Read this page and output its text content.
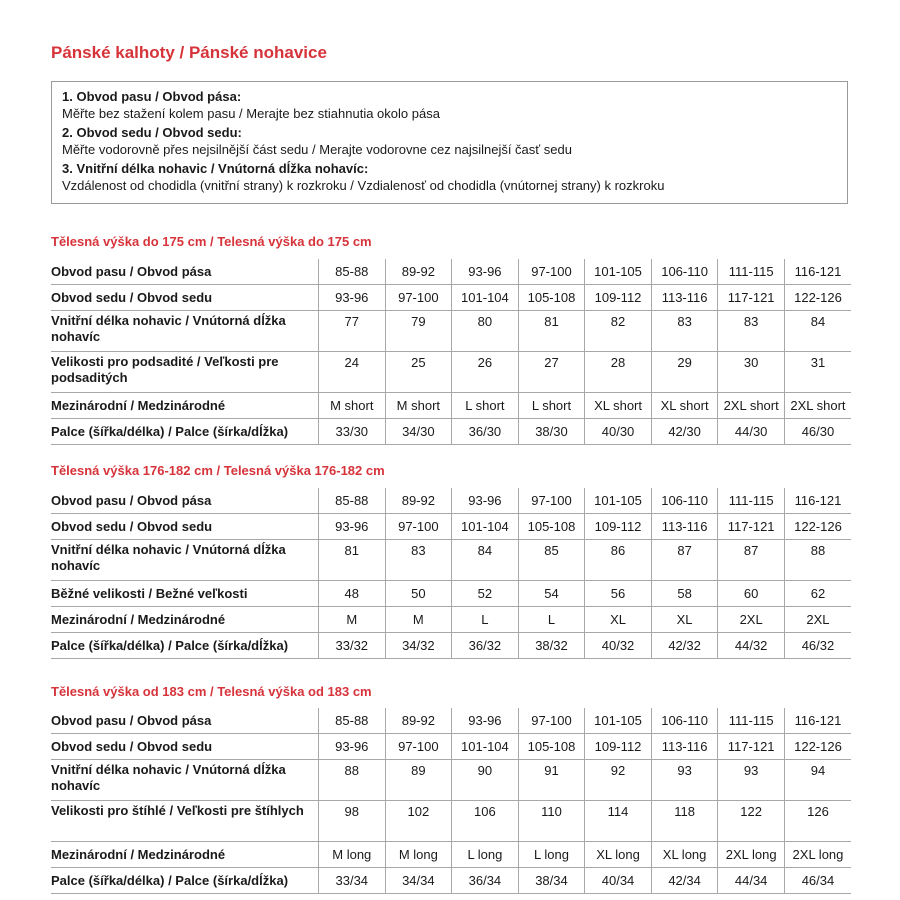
Pánské kalhoty / Pánské nohavice
1. Obvod pasu / Obvod pása:
Měřte bez stažení kolem pasu / Merajte bez stiahnutia okolo pása
2. Obvod sedu / Obvod sedu:
Měřte vodorovně přes nejsilnější část sedu / Merajte vodorovne cez najsilnejší časť sedu
3. Vnitřní délka nohavic / Vnútorná dĺžka nohavíc:
Vzdálenost od chodidla (vnitřní strany) k rozkroku / Vzdialenosť od chodidla (vnútornej strany) k rozkroku
Tělesná výška do 175 cm / Telesná výška do 175 cm
Obvod pasu / Obvod pása	85-88	89-92	93-96	97-100	101-105	106-110	111-115	116-121
Obvod sedu / Obvod sedu	93-96	97-100	101-104	105-108	109-112	113-116	117-121	122-126
Vnitřní délka nohavic / Vnútorná dĺžka nohavíc	77	79	80	81	82	83	83	84
Velikosti pro podsadité / Veľkosti pre podsaditých	24	25	26	27	28	29	30	31
Mezinárodní / Medzinárodné	M short	M short	L short	L short	XL short	XL short	2XL short	2XL short
Palce (šířka/délka) / Palce (šírka/dĺžka)	33/30	34/30	36/30	38/30	40/30	42/30	44/30	46/30
Tělesná výška 176-182 cm / Telesná výška 176-182 cm
Obvod pasu / Obvod pása	85-88	89-92	93-96	97-100	101-105	106-110	111-115	116-121
Obvod sedu / Obvod sedu	93-96	97-100	101-104	105-108	109-112	113-116	117-121	122-126
Vnitřní délka nohavic / Vnútorná dĺžka nohavíc	81	83	84	85	86	87	87	88
Běžné velikosti / Bežné veľkosti	48	50	52	54	56	58	60	62
Mezinárodní / Medzinárodné	M	M	L	L	XL	XL	2XL	2XL
Palce (šířka/délka) / Palce (šírka/dĺžka)	33/32	34/32	36/32	38/32	40/32	42/32	44/32	46/32
Tělesná výška od 183 cm / Telesná výška od 183 cm
Obvod pasu / Obvod pása	85-88	89-92	93-96	97-100	101-105	106-110	111-115	116-121
Obvod sedu / Obvod sedu	93-96	97-100	101-104	105-108	109-112	113-116	117-121	122-126
Vnitřní délka nohavic / Vnútorná dĺžka nohavíc	88	89	90	91	92	93	93	94
Velikosti pro štíhlé / Veľkosti pre štíhlych	98	102	106	110	114	118	122	126
Mezinárodní / Medzinárodné	M long	M long	L long	L long	XL long	XL long	2XL long	2XL long
Palce (šířka/délka) / Palce (šírka/dĺžka)	33/34	34/34	36/34	38/34	40/34	42/34	44/34	46/34
